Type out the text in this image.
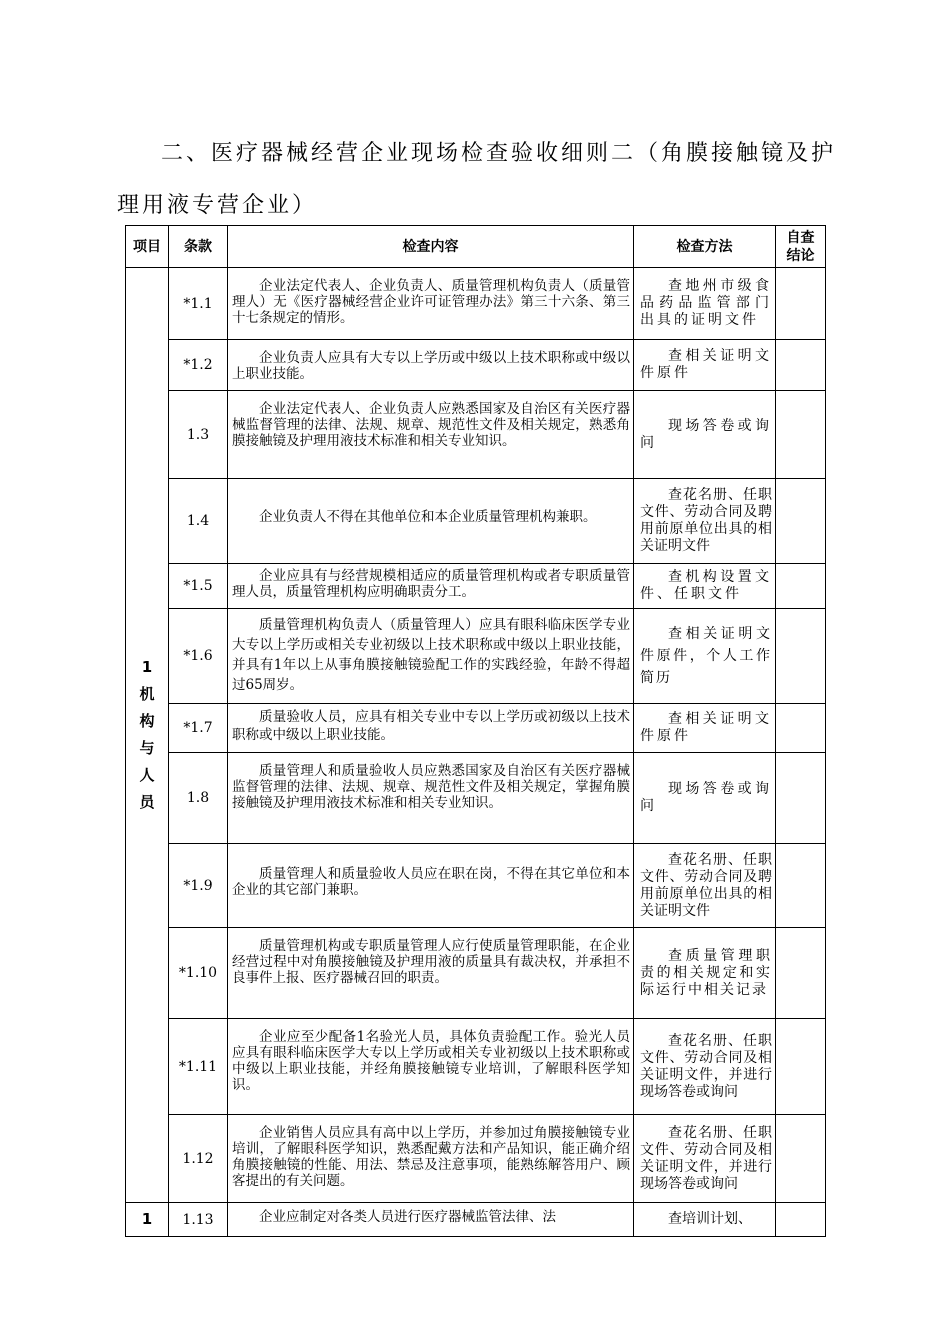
二、医疗器械经营企业现场检查验收细则二（角膜接触镜及护理用液专营企业）
项目	条款	检查内容	检查方法	自查结论

1
机构与人员	*1.1	企业法定代表人、企业负责人、质量管理机构负责人（质量管理人）无《医疗器械经营企业许可证管理办法》第三十六条、第三十七条规定的情形。	查地州市级食品药品监管部门出具的证明文件	

	*1.2	企业负责人应具有大专以上学历或中级以上技术职称或中级以上职业技能。	查相关证明文件原件	

	1.3	企业法定代表人、企业负责人应熟悉国家及自治区有关医疗器械监督管理的法律、法规、规章、规范性文件及相关规定，熟悉角膜接触镜及护理用液技术标准和相关专业知识。	现场答卷或询问	

	1.4	企业负责人不得在其他单位和本企业质量管理机构兼职。	查花名册、任职文件、劳动合同及聘用前原单位出具的相关证明文件	

	*1.5	企业应具有与经营规模相适应的质量管理机构或者专职质量管理人员，质量管理机构应明确职责分工。	查机构设置文件、任职文件	

	*1.6	质量管理机构负责人（质量管理人）应具有眼科临床医学专业大专以上学历或相关专业初级以上技术职称或中级以上职业技能，并具有1年以上从事角膜接触镜验配工作的实践经验，年龄不得超过65周岁。	查相关证明文件原件，个人工作简历	

	*1.7	质量验收人员，应具有相关专业中专以上学历或初级以上技术职称或中级以上职业技能。	查相关证明文件原件	

	1.8	质量管理人和质量验收人员应熟悉国家及自治区有关医疗器械监督管理的法律、法规、规章、规范性文件及相关规定，掌握角膜接触镜及护理用液技术标准和相关专业知识。	现场答卷或询问	

	*1.9	质量管理人和质量验收人员应在职在岗，不得在其它单位和本企业的其它部门兼职。	查花名册、任职文件、劳动合同及聘用前原单位出具的相关证明文件	

	*1.10	质量管理机构或专职质量管理人应行使质量管理职能，在企业经营过程中对角膜接触镜及护理用液的质量具有裁决权，并承担不良事件上报、医疗器械召回的职责。	查质量管理职责的相关规定和实际运行中相关记录	

	*1.11	企业应至少配备1名验光人员，具体负责验配工作。验光人员应具有眼科临床医学大专以上学历或相关专业初级以上技术职称或中级以上职业技能，并经角膜接触镜专业培训，了解眼科医学知识。	查花名册、任职文件、劳动合同及相关证明文件，并进行现场答卷或询问	

	1.12	企业销售人员应具有高中以上学历，并参加过角膜接触镜专业培训，了解眼科医学知识，熟悉配戴方法和产品知识，能正确介绍角膜接触镜的性能、用法、禁忌及注意事项，能熟练解答用户、顾客提出的有关问题。	查花名册、任职文件、劳动合同及相关证明文件，并进行现场答卷或询问	

1	1.13	企业应制定对各类人员进行医疗器械监管法律、法	查培训计划、	
